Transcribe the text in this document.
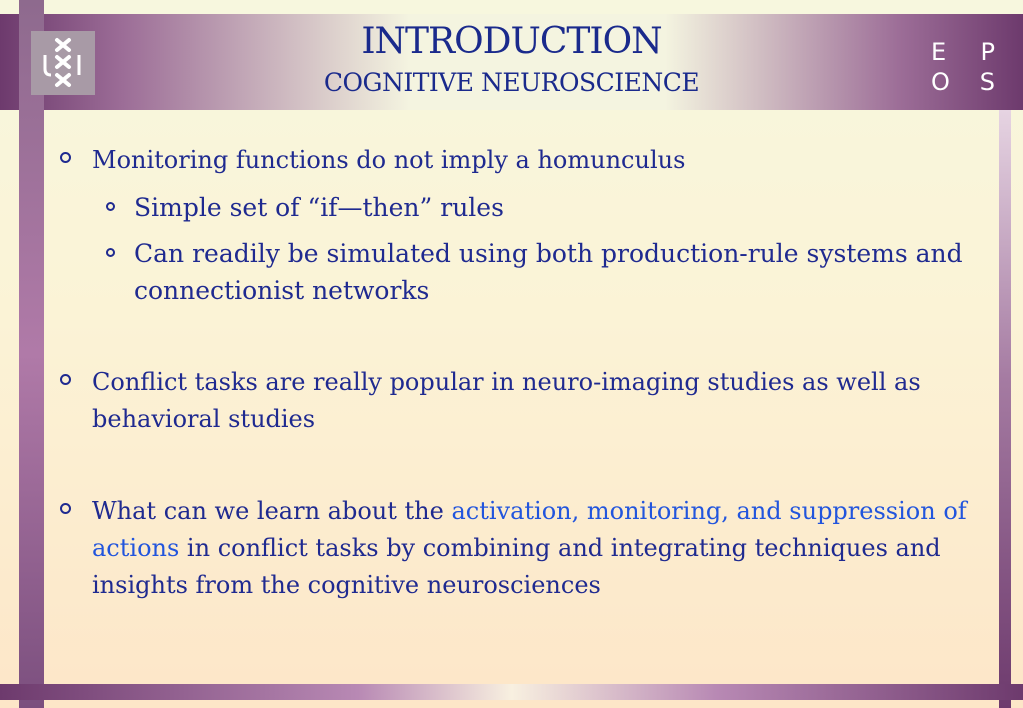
INTRODUCTION
COGNITIVE NEUROSCIENCE
E P
O S
Monitoring functions do not imply a homunculus
Simple set of “if—then” rules
Can readily be simulated using both production-rule systems and connectionist networks
Conflict tasks are really popular in neuro-imaging studies as well as behavioral studies
What can we learn about the activation, monitoring, and suppression of actions in conflict tasks by combining and integrating techniques and insights from the cognitive neurosciences
